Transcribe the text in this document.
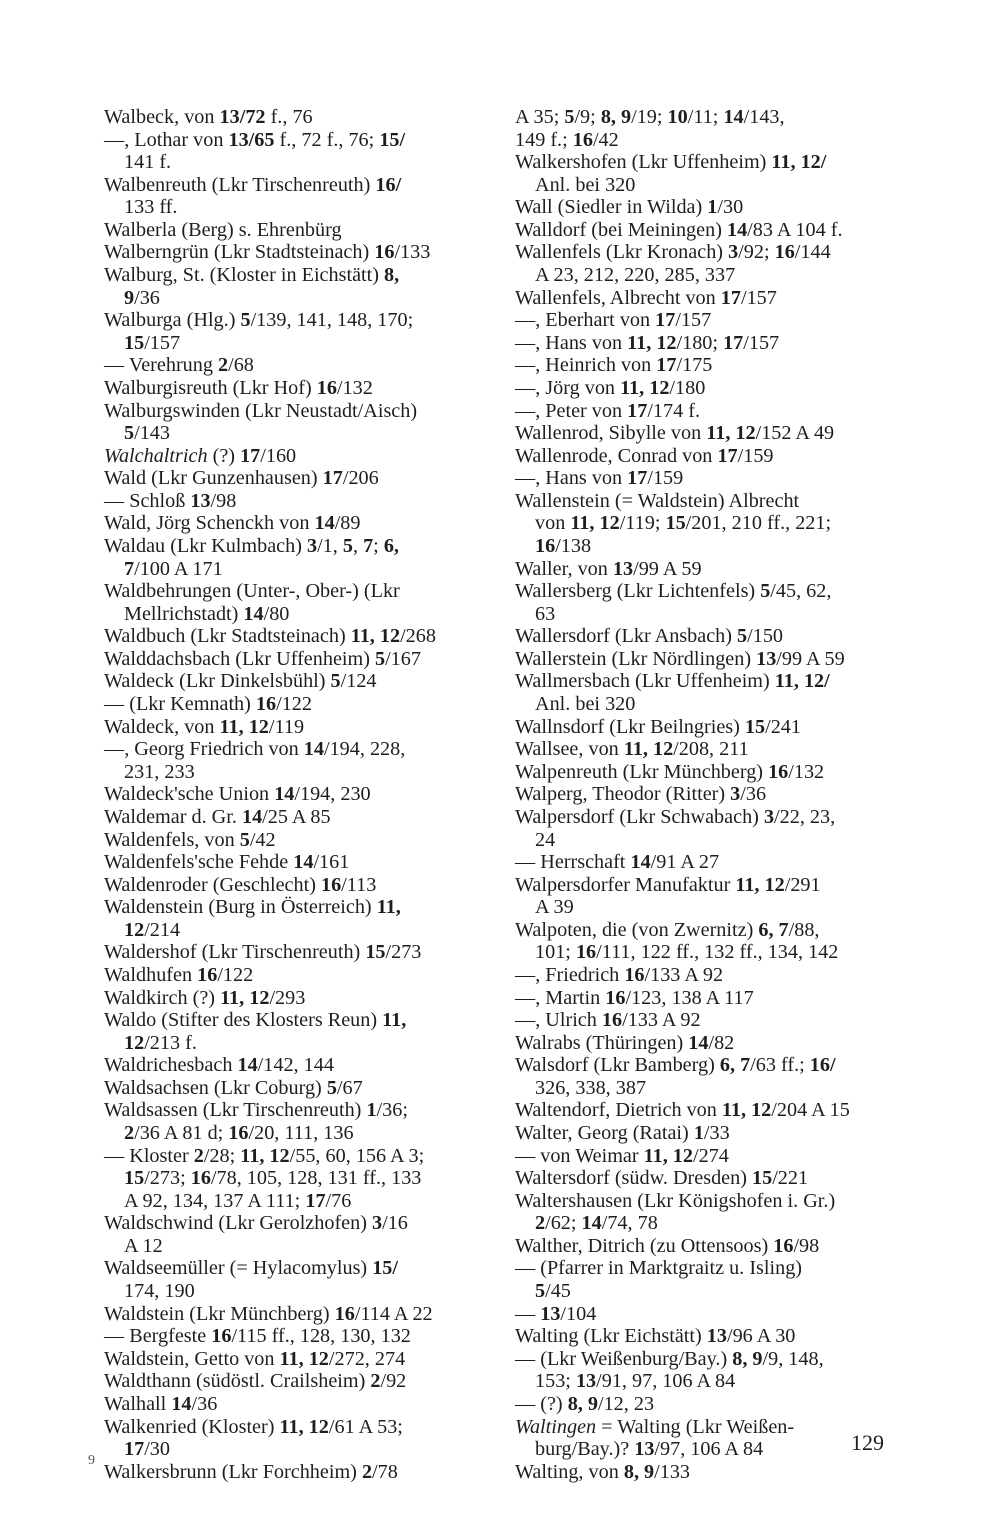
Walbeck, von 13/72 f., 76

—, Lothar von 13/65 f., 72 f., 76; 15/

141 f.

Walbenreuth (Lkr Tirschenreuth) 16/

133 ff.

Walberla (Berg) s. Ehrenbürg

Walberngrün (Lkr Stadtsteinach) 16/133

Walburg, St. (Kloster in Eichstätt) 8,

9/36

Walburga (Hlg.) 5/139, 141, 148, 170;

15/157

— Verehrung 2/68

Walburgisreuth (Lkr Hof) 16/132

Walburgswinden (Lkr Neustadt/Aisch)

5/143

Walchaltrich (?) 17/160

Wald (Lkr Gunzenhausen) 17/206

— Schloß 13/98

Wald, Jörg Schenckh von 14/89

Waldau (Lkr Kulmbach) 3/1, 5, 7; 6,

7/100 A 171

Waldbehrungen (Unter-, Ober-) (Lkr

Mellrichstadt) 14/80

Waldbuch (Lkr Stadtsteinach) 11, 12/268

Walddachsbach (Lkr Uffenheim) 5/167

Waldeck (Lkr Dinkelsbühl) 5/124

— (Lkr Kemnath) 16/122

Waldeck, von 11, 12/119

—, Georg Friedrich von 14/194, 228,

231, 233

Waldeck'sche Union 14/194, 230

Waldemar d. Gr. 14/25 A 85

Waldenfels, von 5/42

Waldenfels'sche Fehde 14/161

Waldenroder (Geschlecht) 16/113

Waldenstein (Burg in Österreich) 11,

12/214

Waldershof (Lkr Tirschenreuth) 15/273

Waldhufen 16/122

Waldkirch (?) 11, 12/293

Waldo (Stifter des Klosters Reun) 11,

12/213 f.

Waldrichesbach 14/142, 144

Waldsachsen (Lkr Coburg) 5/67

Waldsassen (Lkr Tirschenreuth) 1/36;

2/36 A 81 d; 16/20, 111, 136

— Kloster 2/28; 11, 12/55, 60, 156 A 3;

15/273; 16/78, 105, 128, 131 ff., 133

A 92, 134, 137 A 111; 17/76

Waldschwind (Lkr Gerolzhofen) 3/16

A 12

Waldseemüller (= Hylacomylus) 15/

174, 190

Waldstein (Lkr Münchberg) 16/114 A 22

— Bergfeste 16/115 ff., 128, 130, 132

Waldstein, Getto von 11, 12/272, 274

Waldthann (südöstl. Crailsheim) 2/92

Walhall 14/36

Walkenried (Kloster) 11, 12/61 A 53;

17/30

Walkersbrunn (Lkr Forchheim) 2/78

A 35; 5/9; 8, 9/19; 10/11; 14/143,

149 f.; 16/42

Walkershofen (Lkr Uffenheim) 11, 12/

Anl. bei 320

Wall (Siedler in Wilda) 1/30

Walldorf (bei Meiningen) 14/83 A 104 f.

Wallenfels (Lkr Kronach) 3/92; 16/144

A 23, 212, 220, 285, 337

Wallenfels, Albrecht von 17/157

—, Eberhart von 17/157

—, Hans von 11, 12/180; 17/157

—, Heinrich von 17/175

—, Jörg von 11, 12/180

—, Peter von 17/174 f.

Wallenrod, Sibylle von 11, 12/152 A 49

Wallenrode, Conrad von 17/159

—, Hans von 17/159

Wallenstein (= Waldstein) Albrecht

von 11, 12/119; 15/201, 210 ff., 221;

16/138

Waller, von 13/99 A 59

Wallersberg (Lkr Lichtenfels) 5/45, 62,

63

Wallersdorf (Lkr Ansbach) 5/150

Wallerstein (Lkr Nördlingen) 13/99 A 59

Wallmersbach (Lkr Uffenheim) 11, 12/

Anl. bei 320

Wallnsdorf (Lkr Beilngries) 15/241

Wallsee, von 11, 12/208, 211

Walpenreuth (Lkr Münchberg) 16/132

Walperg, Theodor (Ritter) 3/36

Walpersdorf (Lkr Schwabach) 3/22, 23,

24

— Herrschaft 14/91 A 27

Walpersdorfer Manufaktur 11, 12/291

A 39

Walpoten, die (von Zwernitz) 6, 7/88,

101; 16/111, 122 ff., 132 ff., 134, 142

—, Friedrich 16/133 A 92

—, Martin 16/123, 138 A 117

—, Ulrich 16/133 A 92

Walrabs (Thüringen) 14/82

Walsdorf (Lkr Bamberg) 6, 7/63 ff.; 16/

326, 338, 387

Waltendorf, Dietrich von 11, 12/204 A 15

Walter, Georg (Ratai) 1/33

— von Weimar 11, 12/274

Waltersdorf (südw. Dresden) 15/221

Waltershausen (Lkr Königshofen i. Gr.)

2/62; 14/74, 78

Walther, Ditrich (zu Ottensoos) 16/98

— (Pfarrer in Marktgraitz u. Isling)

5/45

— 13/104

Walting (Lkr Eichstätt) 13/96 A 30

— (Lkr Weißenburg/Bay.) 8, 9/9, 148,

153; 13/91, 97, 106 A 84

— (?) 8, 9/12, 23

Waltingen = Walting (Lkr Weißen-

burg/Bay.)? 13/97, 106 A 84

Walting, von 8, 9/133

129

9
